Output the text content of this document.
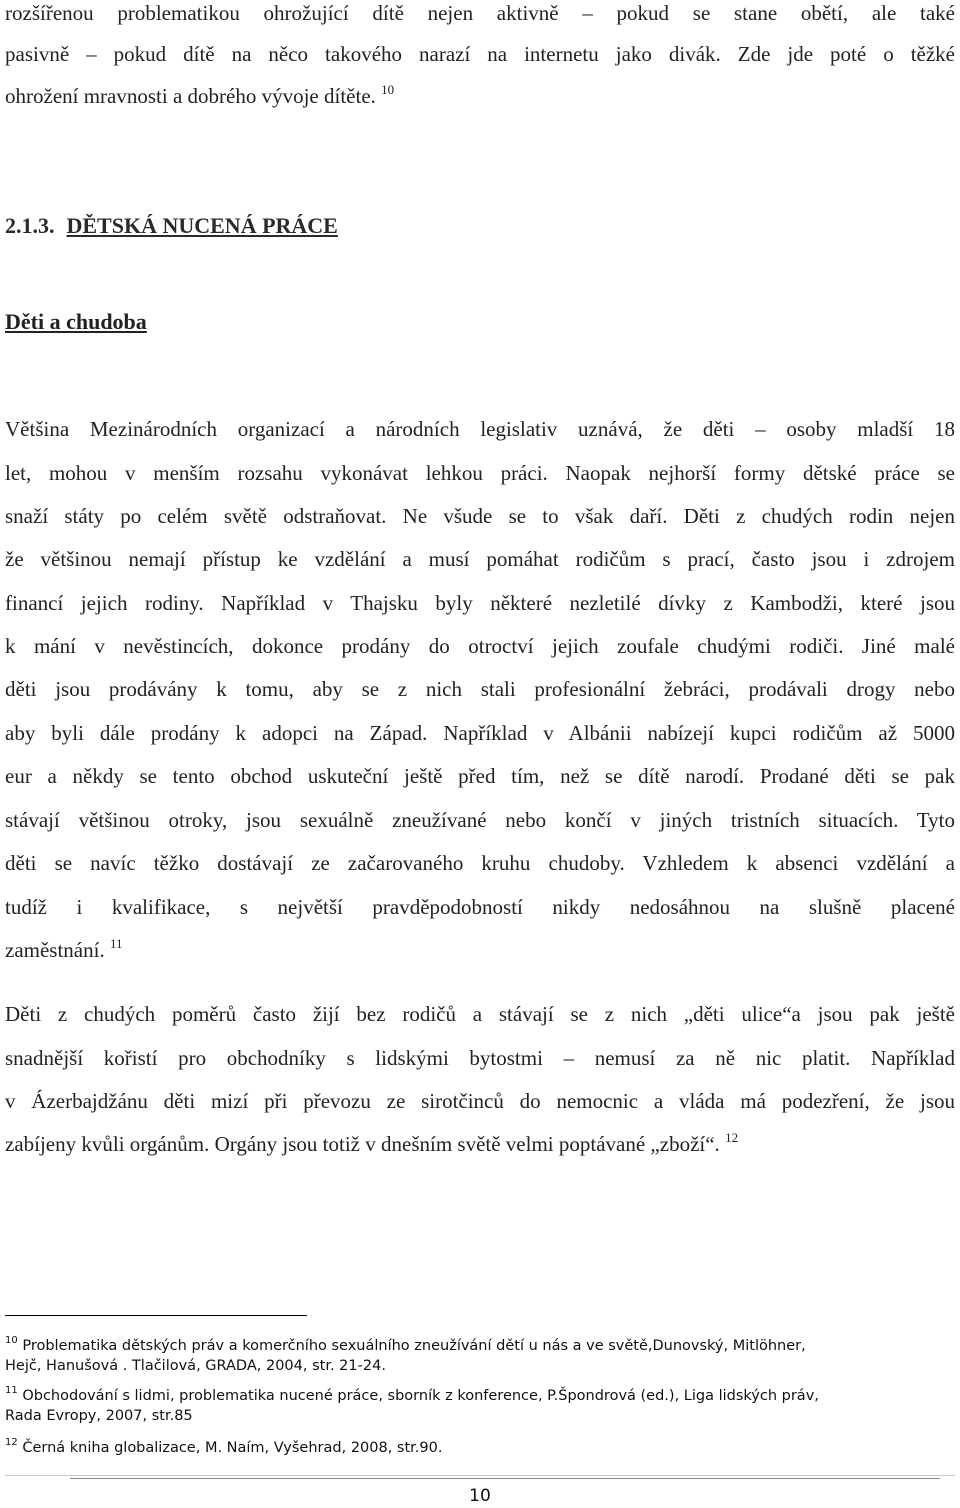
rozšířenou problematikou ohrožující dítě nejen aktivně – pokud se stane obětí, ale také
pasivně – pokud dítě na něco takového narazí na internetu jako divák. Zde jde poté o těžké
ohrožení mravnosti a dobrého vývoje dítěte. $^{10}$
2.1.3. DĚTSKÁ NUCENÁ PRÁCE
Děti a chudoba
Většina Mezinárodních organizací a národních legislativ uznává, že děti – osoby mladší 18
let, mohou v menším rozsahu vykonávat lehkou práci. Naopak nejhorší formy dětské práce se
snaží státy po celém světě odstraňovat. Ne všude se to však daří. Děti z chudých rodin nejen
že většinou nemají přístup ke vzdělání a musí pomáhat rodičům s prací, často jsou i zdrojem
financí jejich rodiny. Například v Thajsku byly některé nezletilé dívky z Kambodži, které jsou
k mání v nevěstincích, dokonce prodány do otroctví jejich zoufale chudými rodiči. Jiné malé
děti jsou prodávány k tomu, aby se z nich stali profesionální žebráci, prodávali drogy nebo
aby byli dále prodány k adopci na Západ. Například v Albánii nabízejí kupci rodičům až 5000
eur a někdy se tento obchod uskuteční ještě před tím, než se dítě narodí. Prodané děti se pak
stávají většinou otroky, jsou sexuálně zneužívané nebo končí v jiných tristních situacích. Tyto
děti se navíc těžko dostávají ze začarovaného kruhu chudoby. Vzhledem k absenci vzdělání a
tudíž i kvalifikace, s největší pravděpodobností nikdy nedosáhnou na slušně placené
zaměstnání. $^{11}$
Děti z chudých poměrů často žijí bez rodičů a stávají se z nich „děti ulice“a jsou pak ještě
snadnější kořistí pro obchodníky s lidskými bytostmi – nemusí za ně nic platit. Například
v Ázerbajdžánu děti mizí při převozu ze sirotčinců do nemocnic a vláda má podezření, že jsou
zabíjeny kvůli orgánům. Orgány jsou totiž v dnešním světě velmi poptávané „zboží“. $^{12}$
$^{10}$ Problematika dětských práv a komerčního sexuálního zneužívání dětí u nás a ve světě,Dunovský, Mitlöhner,
Hejč, Hanušová . Tlačilová, GRADA, 2004, str. 21-24.
$^{11}$ Obchodování s lidmi, problematika nucené práce, sborník z konference, P.Špondrová (ed.), Liga lidských práv,
Rada Evropy, 2007, str.85
$^{12}$ Černá kniha globalizace, M. Naím, Vyšehrad, 2008, str.90.
10
